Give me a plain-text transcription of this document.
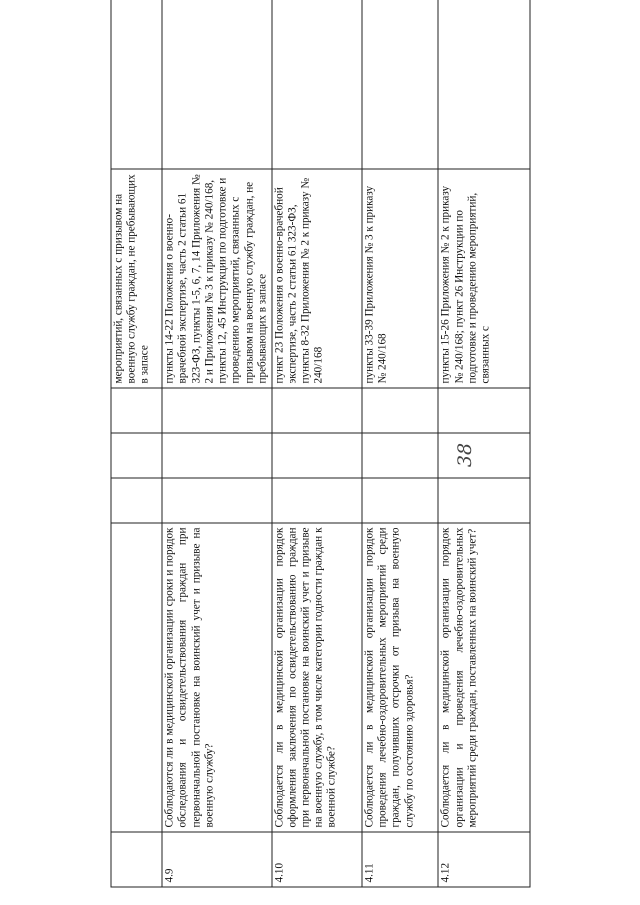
38
					мероприятий, связанных с призывом на военную службу граждан, не пребывающих в запасе	
4.9	Соблюдаются ли в медицинской организации сроки и порядок обследования и освидетельствования граждан при первоначальной постановке на воинский учет и призыве на военную службу?				пункты 14-22 Положения о военно-врачебной экспертизе, часть 2 статьи 61 323-ФЗ, пункты 1-5, 6, 7, 14 Приложения № 2 и Приложения № 3 к приказу № 240/168, пункты 12, 45 Инструкции по подготовке и проведению мероприятий, связанных с призывом на военную службу граждан, не пребывающих в запасе	
4.10	Соблюдается ли в медицинской организации порядок оформления заключения по освидетельствованию граждан при первоначальной постановке на воинский учет и призыве на военную службу, в том числе категории годности граждан к военной службе?				пункт 23 Положения о военно-врачебной экспертизе, часть 2 статьи 61 323-ФЗ, пункты 8-32 Приложения № 2 к приказу № 240/168	
4.11	Соблюдается ли в медицинской организации порядок проведения лечебно-оздоровительных мероприятий среди граждан, получивших отсрочки от призыва на военную службу по состоянию здоровья?				пункты 33-39 Приложения № 3 к приказу № 240/168	
4.12	Соблюдается ли в медицинской организации порядок организации и проведения лечебно-оздоровительных мероприятий среди граждан, поставленных на воинский учет?				пункты 15-26 Приложения № 2 к приказу № 240/168; пункт 26 Инструкции по подготовке и проведению мероприятий, связанных с	
